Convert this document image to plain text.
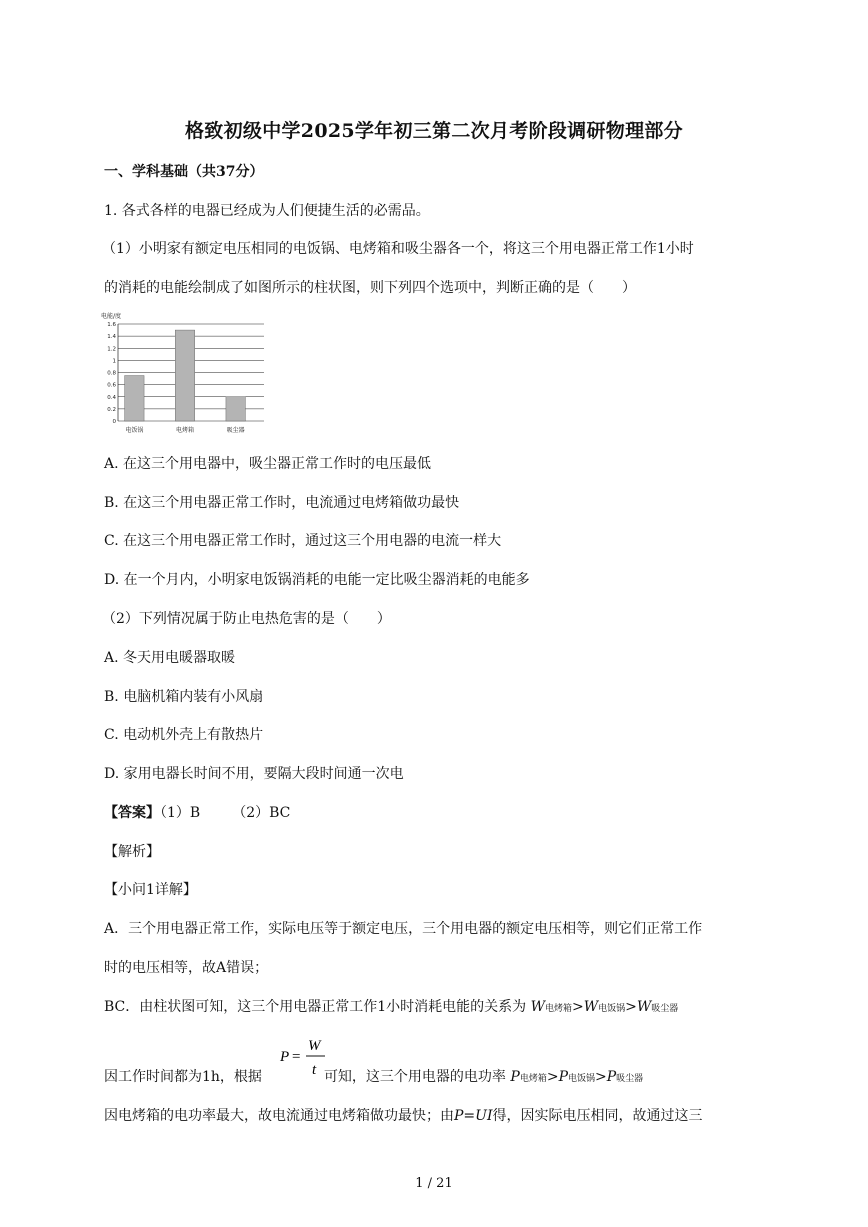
格致初级中学2025学年初三第二次月考阶段调研物理部分
一、学科基础（共37分）
1. 各式各样的电器已经成为人们便捷生活的必需品。
（1）小明家有额定电压相同的电饭锅、电烤箱和吸尘器各一个，将这三个用电器正常工作1小时
的消耗的电能绘制成了如图所示的柱状图，则下列四个选项中，判断正确的是（　　）
电能/度
0
0.2
0.4
0.6
0.8
1
1.2
1.4
1.6
电饭锅	电烤箱	吸尘器
A. 在这三个用电器中，吸尘器正常工作时的电压最低
B. 在这三个用电器正常工作时，电流通过电烤箱做功最快
C. 在这三个用电器正常工作时，通过这三个用电器的电流一样大
D. 在一个月内，小明家电饭锅消耗的电能一定比吸尘器消耗的电能多
（2）下列情况属于防止电热危害的是（　　）
A. 冬天用电暖器取暖
B. 电脑机箱内装有小风扇
C. 电动机外壳上有散热片
D. 家用电器长时间不用，要隔大段时间通一次电
【答案】（1）B （2）BC
【解析】
【小问1详解】
A．三个用电器正常工作，实际电压等于额定电压，三个用电器的额定电压相等，则它们正常工作
时的电压相等，故A错误；
BC．由柱状图可知，这三个用电器正常工作1小时消耗电能的关系为 W电烤箱>W电饭锅>W吸尘器
P =
W
t
因工作时间都为1h，根据	可知，这三个用电器的电功率 P电烤箱>P电饭锅>P吸尘器
因电烤箱的电功率最大，故电流通过电烤箱做功最快；由P=UI得，因实际电压相同，故通过这三
1 / 21
